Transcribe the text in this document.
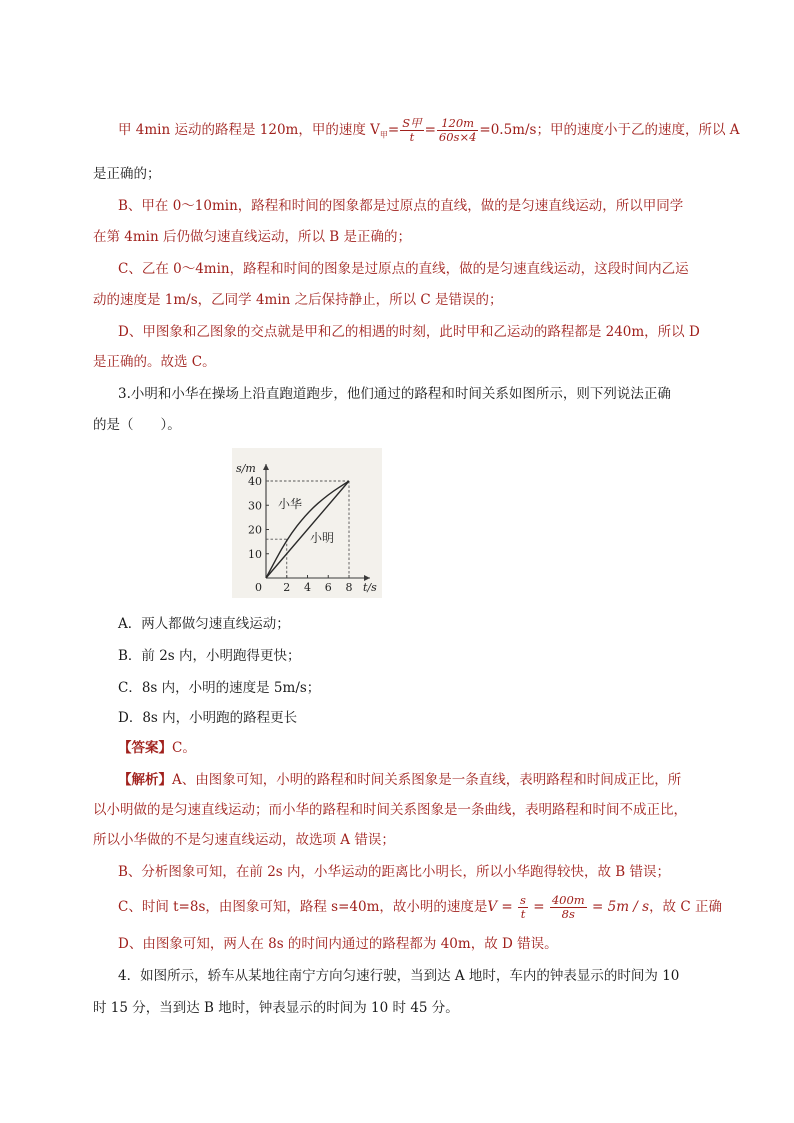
甲 4min 运动的路程是 120m，甲的速度 $V_甲= \frac{\text{S甲}}{t} = \frac{120m}{60s\times 4} =0.5m/s$；甲的速度小于乙的速度，所以 A
是正确的；
B、甲在 0～10min，路程和时间的图象都是过原点的直线，做的是匀速直线运动，所以甲同学
在第 4min 后仍做匀速直线运动，所以 B 是正确的；
C、乙在 0～4min，路程和时间的图象是过原点的直线，做的是匀速直线运动，这段时间内乙运
动的速度是 1m/s，乙同学 4min 之后保持静止，所以 C 是错误的；
D、甲图象和乙图象的交点就是甲和乙的相遇的时刻，此时甲和乙运动的路程都是 240m，所以 D
是正确的。故选 C。
3.小明和小华在操场上沿直跑道跑步，他们通过的路程和时间关系如图所示，则下列说法正确
的是（　　）。
2 4 6 8
10
20
30
40
0	t/s
s/m
小华
小明
A．两人都做匀速直线运动；
B．前 2s 内，小明跑得更快；
C．8s 内，小明的速度是 5m/s；
D．8s 内，小明跑的路程更长
【答案】C。
【解析】A、由图象可知，小明的路程和时间关系图象是一条直线，表明路程和时间成正比，所
以小明做的是匀速直线运动；而小华的路程和时间关系图象是一条曲线，表明路程和时间不成正比，
所以小华做的不是匀速直线运动，故选项 A 错误；
B、分析图象可知，在前 2s 内，小华运动的距离比小明长，所以小华跑得较快，故 B 错误；
C、时间 t=8s，由图象可知，路程 s=40m，故小明的速度是$V = \frac{s}{t} = \frac{400m}{8s} = 5m / s$，故 C 正确
D、由图象可知，两人在 8s 的时间内通过的路程都为 40m，故 D 错误。
4．如图所示，轿车从某地往南宁方向匀速行驶，当到达 A 地时，车内的钟表显示的时间为 10
时 15 分，当到达 B 地时，钟表显示的时间为 10 时 45 分。
